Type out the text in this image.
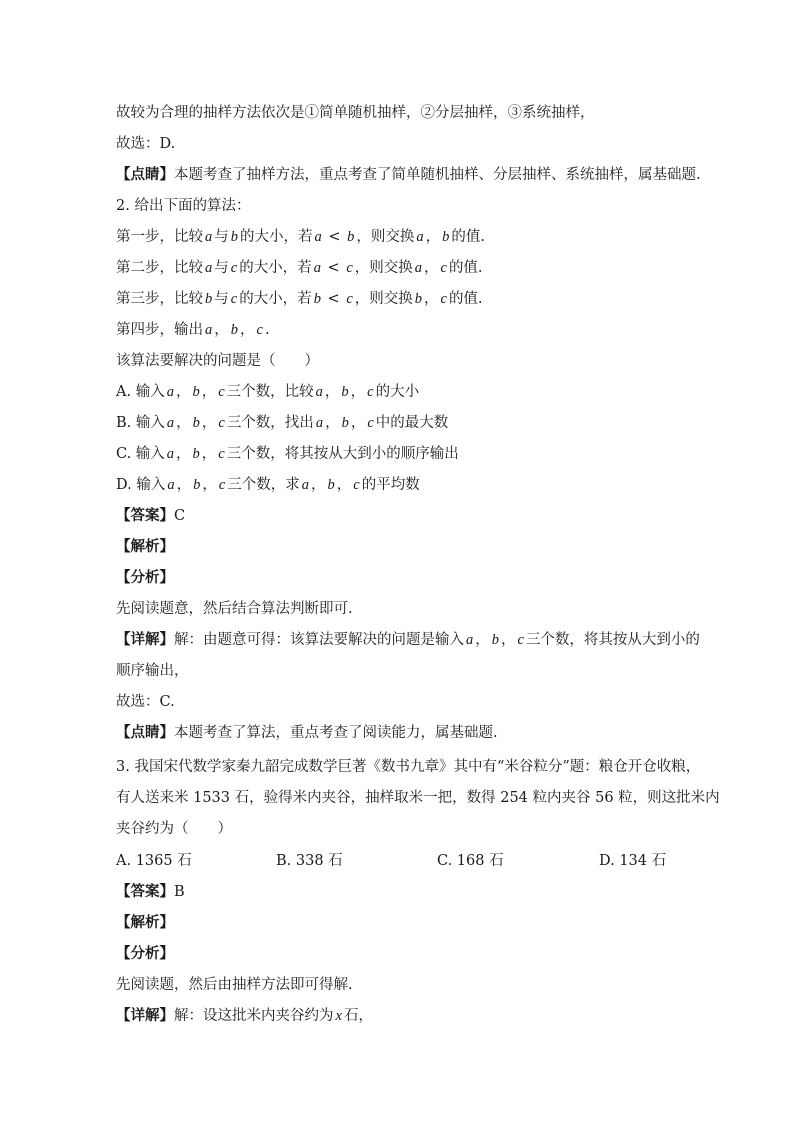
故较为合理的抽样方法依次是①简单随机抽样，②分层抽样，③系统抽样，
故选：D.
【点睛】本题考查了抽样方法，重点考查了简单随机抽样、分层抽样、系统抽样，属基础题.
2. 给出下面的算法：
第一步，比较 a 与 b 的大小，若 a < b ，则交换 a ， b 的值.
第二步，比较 a 与 c 的大小，若 a < c ，则交换 a ， c 的值.
第三步，比较 b 与 c 的大小，若 b < c ，则交换 b ， c 的值.
第四步，输出 a ， b ， c .
该算法要解决的问题是（　　）
A. 输入 a ， b ， c 三个数，比较 a ， b ， c 的大小
B. 输入 a ， b ， c 三个数，找出 a ， b ， c 中的最大数
C. 输入 a ， b ， c 三个数，将其按从大到小的顺序输出
D. 输入 a ， b ， c 三个数，求 a ， b ， c 的平均数
【答案】C
【解析】
【分析】
先阅读题意，然后结合算法判断即可.
【详解】解：由题意可得：该算法要解决的问题是输入 a ， b ， c 三个数，将其按从大到小的
顺序输出，
故选：C.
【点睛】本题考查了算法，重点考查了阅读能力，属基础题.
3. 我国宋代数学家秦九韶完成数学巨著《数书九章》其中有“米谷粒分”题：粮仓开仓收粮，
有人送来米 1533 石，验得米内夹谷，抽样取米一把，数得 254 粒内夹谷 56 粒，则这批米内
夹谷约为（　　）
A. 1365 石	B. 338 石	C. 168 石	D. 134 石
【答案】B
【解析】
【分析】
先阅读题，然后由抽样方法即可得解.
【详解】解：设这批米内夹谷约为 x 石，
